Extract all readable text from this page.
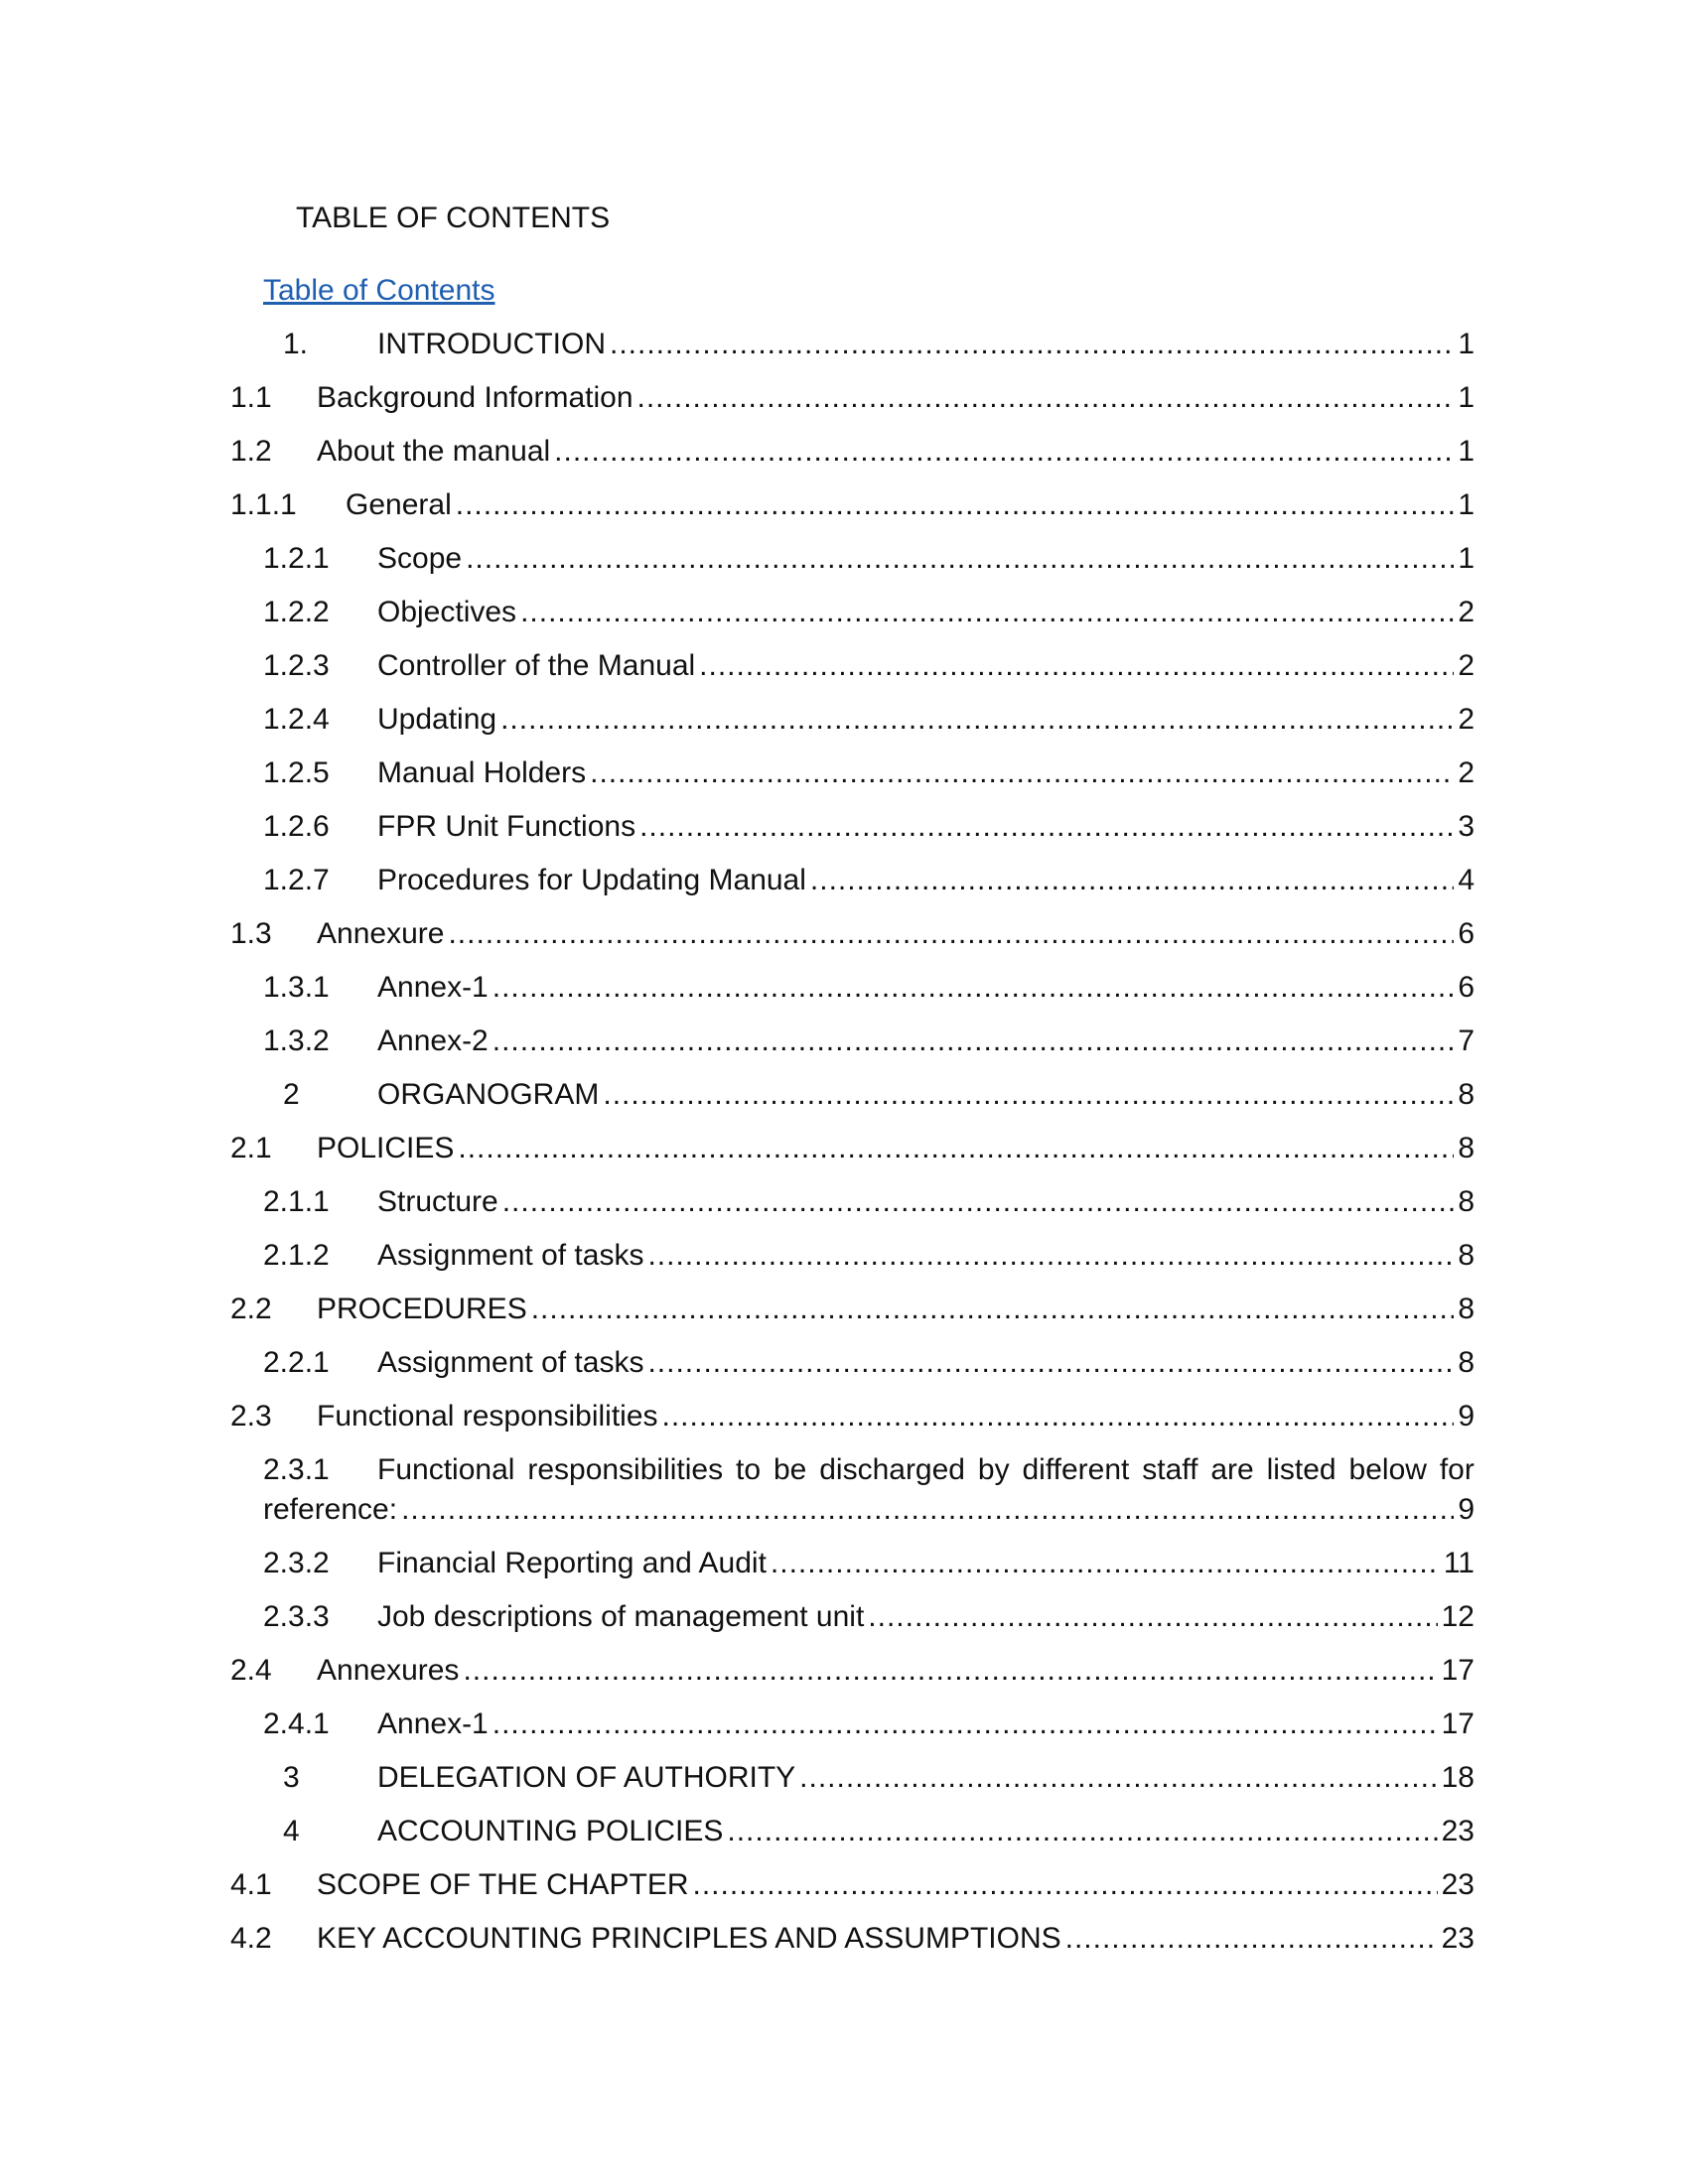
TABLE OF CONTENTS
Table of Contents
1.	INTRODUCTION .....	1
1.1	Background Information .....	1
1.2	About the manual .....	1
1.1.1	General .....	1
1.2.1	Scope .....	1
1.2.2	Objectives .....	2
1.2.3	Controller of the Manual .....	2
1.2.4	Updating .....	2
1.2.5	Manual Holders .....	2
1.2.6	FPR Unit Functions .....	3
1.2.7	Procedures for Updating Manual .....	4
1.3	Annexure .....	6
1.3.1	Annex-1 .....	6
1.3.2	Annex-2 .....	7
2	ORGANOGRAM .....	8
2.1	POLICIES .....	8
2.1.1	Structure .....	8
2.1.2	Assignment of tasks .....	8
2.2	PROCEDURES .....	8
2.2.1	Assignment of tasks .....	8
2.3	Functional responsibilities .....	9
2.3.1	Functional responsibilities to be discharged by different staff are listed below for
reference: .....	9
2.3.2	Financial Reporting and Audit .....	11
2.3.3	Job descriptions of management unit .....	12
2.4	Annexures .....	17
2.4.1	Annex-1 .....	17
3	DELEGATION OF AUTHORITY .....	18
4	ACCOUNTING POLICIES .....	23
4.1	SCOPE OF THE CHAPTER .....	23
4.2	KEY ACCOUNTING PRINCIPLES AND ASSUMPTIONS .....	23
